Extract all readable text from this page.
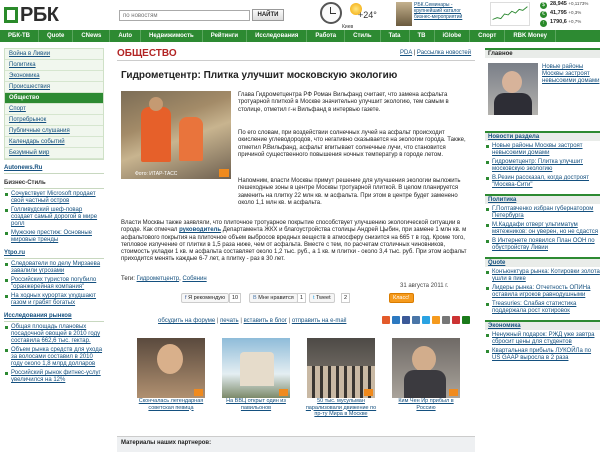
РБК
по новостям	НАЙТИ	+24°
Киев
РБК.Семинары - крупнейший каталог бизнес-мероприятий
$ 28,945 +0,1173%
€ 41,795 +0,3%
↑ 1790,6 +0,7%
РБК-ТВ	Quote	CNews	Auto	Недвижимость	Рейтинги	Исследования	Работа	Стиль	Tata	TB	iGlobe	Спорт	RBK Money
Война в Ливии
Политика
Экономика
Происшествия
Общество
Спорт
Потребрынок
Публичные слушания
Календарь событий
Безумный мир
Autonews.Ru
Бизнес-Стиль
Сочувствует Microsoft продает свой частный остров
Голливудский шеф-повар создает самый дорогой в мире ролл
Мужские престиж: Основные мировые тренды
Ytpo.ru
Следователи по делу Мирзаева завалили угрозами
Российских туристов погубило "оранжерейная компания"
На ходных курортах ухудшают газом и грабят богатых
Исследования рынков
Общая площадь плановых посадочной овощей в 2010 году составила 662,6 тыс. гектар.
Объем рынка средств для ухода за волосами составил в 2010 году около 1,8 млрд долларов
Российский рынок фитнес-услуг увеличился на 12%
ОБЩЕСТВО	PDA | Рассылка новостей
Гидрометцентр: Плитка улучшит московскую экологию
Фото: ИТАР-ТАСС
Глава Гидрометцентра РФ Роман Вильфанд считает, что замена асфальта тротуарной плиткой в Москве значительно улучшит экологию, тем самым в столице, отметил г-н Вильфанд в интервью газете.
По его словам, при воздействии солнечных лучей на асфальт происходит окисление углеводородов, что негативно сказывается на экологии города. Также, отметил Р.Вильфанд, асфальт впитывает солнечные лучи, что становится причиной существенного повышения ночных температур в городе летом.
Напомним, власти Москвы примут решение для улучшения экологии выложить пешеходные зоны в центре Москвы тротуарной плиткой. В целом планируется заменить на плитку 22 млн кв. м асфальта. При этом в центре будет заменено около 1,1 млн кв. м асфальта.
Власти Москвы также заявляли, что плиточное тротуарное покрытие способствует улучшению экологической ситуации в городе. Как отмечал руководитель Департамента ЖКХ и благоустройства столицы Андрей Цыбин, при замене 1 млн кв. м асфальтового покрытия на плиточное объем выбросов вредных веществ в атмосферу снизится на 665 т в год. Кроме того, тепловое излучение от плитки в 1,5 раза ниже, чем от асфальта. Вместе с тем, по расчетам столичных чиновников, стоимость укладки 1 кв. м асфальта составляет около 1,2 тыс. руб., а 1 кв. м плитки - около 3,4 тыс. руб. При этом асфальт приходится менять каждые 6-7 лет, а плитку - раз в 30 лет.
Теги: Гидрометцентр, Собянин
31 августа 2011 г.
f Я рекомендую	10	В Мне нравится	1	t Tweet	2	Класс!
обсудить на форуме | печать | вставить в блог | отправить на e-mail
Скончалась легендарная советская певица
На ВВЦ открыт один из павильонов
50 тыс. мусульман парализовали движение по пр-ту Мира в Москве
Ким Чен Ир прибыл в Россию
Материалы наших партнеров:
Главное
Новости раздела
Новые районы Москвы застроят невысокими домами
Гидрометцентр: Плитка улучшит московскую экологию
В.Резин рассказал, когда достроят "Москва-Сити"
Политика
Г.Полтавченко избран губернатором Петербурга
М.Каддафи отверг ультиматум мятежников: он уверен, но не сдастся
В Интернете появился План ООН по обустройству Ливии
Quote
Конъюнктура рынка: Котировки золота ушли в пике
Лидеры рынка: Отчетность ОПИНа оставила игроков равнодушными
Treasuries: Слабая статистика поддержала рост котировок
Экономика
Ненужный подарок: РЖД уже завтра сбросит цены для студентов
Квартальная прибыль ЛУКОЙЛа по US GAAP выросла в 2 раза
Новые районы Москвы застроят невысокими домами
